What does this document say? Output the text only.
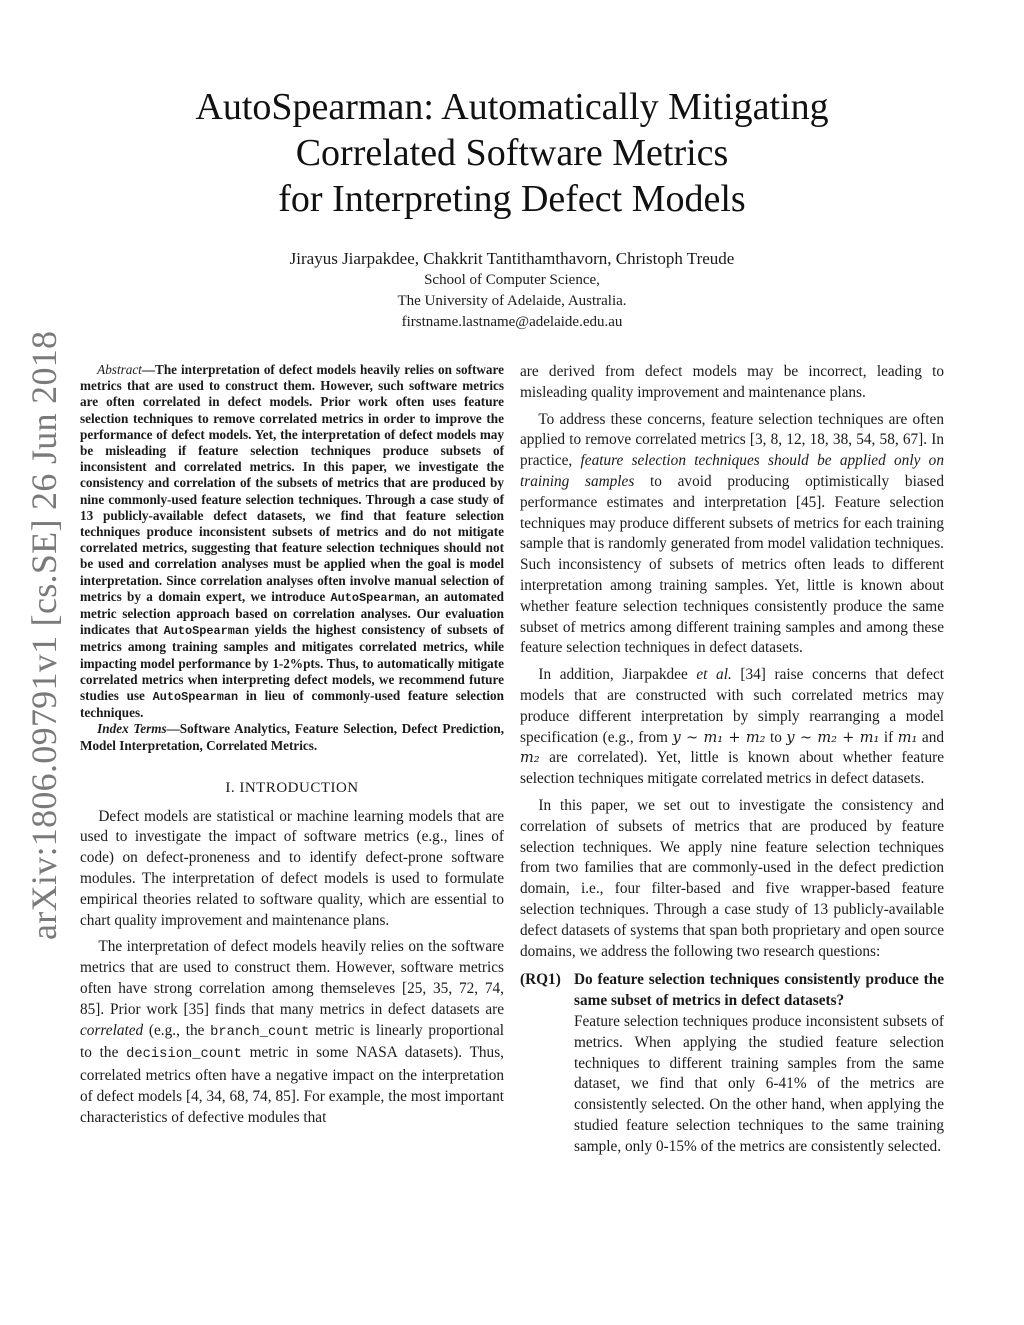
arXiv:1806.09791v1 [cs.SE] 26 Jun 2018
AutoSpearman: Automatically Mitigating
Correlated Software Metrics
for Interpreting Defect Models
Jirayus Jiarpakdee, Chakkrit Tantithamthavorn, Christoph Treude
School of Computer Science,
The University of Adelaide, Australia.
firstname.lastname@adelaide.edu.au

Abstract — The interpretation of defect models heavily relies on software metrics that are used to construct them. However, such software metrics are often correlated in defect models. Prior work often uses feature selection techniques to remove correlated metrics in order to improve the performance of defect models. Yet, the interpretation of defect models may be misleading if feature selection techniques produce subsets of inconsistent and correlated metrics. In this paper, we investigate the consistency and correlation of the subsets of metrics that are produced by nine commonly-used feature selection techniques. Through a case study of 13 publicly-available defect datasets, we find that feature selection techniques produce inconsistent subsets of metrics and do not mitigate correlated metrics, suggesting that feature selection techniques should not be used and correlation analyses must be applied when the goal is model interpretation. Since correlation analyses often involve manual selection of metrics by a domain expert, we introduce AutoSpearman, an automated metric selection approach based on correlation analyses. Our evaluation indicates that AutoSpearman yields the highest consistency of subsets of metrics among training samples and mitigates correlated metrics, while impacting model performance by 1-2%pts. Thus, to automatically mitigate correlated metrics when interpreting defect models, we recommend future studies use AutoSpearman in lieu of commonly-used feature selection techniques.

Index Terms — Software Analytics, Feature Selection, Defect Prediction, Model Interpretation, Correlated Metrics.

I. INTRODUCTION

Defect models are statistical or machine learning models that are used to investigate the impact of software metrics (e.g., lines of code) on defect-proneness and to identify defect-prone software modules. The interpretation of defect models is used to formulate empirical theories related to software quality, which are essential to chart quality improvement and maintenance plans.

The interpretation of defect models heavily relies on the software metrics that are used to construct them. However, software metrics often have strong correlation among themseleves [25, 35, 72, 74, 85]. Prior work [35] finds that many metrics in defect datasets are correlated (e.g., the branch_count metric is linearly proportional to the decision_count metric in some NASA datasets). Thus, correlated metrics often have a negative impact on the interpretation of defect models [4, 34, 68, 74, 85]. For example, the most important characteristics of defective modules that

are derived from defect models may be incorrect, leading to misleading quality improvement and maintenance plans.

To address these concerns, feature selection techniques are often applied to remove correlated metrics [3, 8, 12, 18, 38, 54, 58, 67]. In practice, feature selection techniques should be applied only on training samples to avoid producing optimistically biased performance estimates and interpretation [45]. Feature selection techniques may produce different subsets of metrics for each training sample that is randomly generated from model validation techniques. Such inconsistency of subsets of metrics often leads to different interpretation among training samples. Yet, little is known about whether feature selection techniques consistently produce the same subset of metrics among different training samples and among these feature selection techniques in defect datasets.

In addition, Jiarpakdee et al. [34] raise concerns that defect models that are constructed with such correlated metrics may produce different interpretation by simply rearranging a model specification (e.g., from y ∼ m₁ + m₂ to y ∼ m₂ + m₁ if m₁ and m₂ are correlated). Yet, little is known about whether feature selection techniques mitigate correlated metrics in defect datasets.

In this paper, we set out to investigate the consistency and correlation of subsets of metrics that are produced by feature selection techniques. We apply nine feature selection techniques from two families that are commonly-used in the defect prediction domain, i.e., four filter-based and five wrapper-based feature selection techniques. Through a case study of 13 publicly-available defect datasets of systems that span both proprietary and open source domains, we address the following two research questions:

(RQ1) Do feature selection techniques consistently produce the same subset of metrics in defect datasets?
Feature selection techniques produce inconsistent subsets of metrics. When applying the studied feature selection techniques to different training samples from the same dataset, we find that only 6-41% of the metrics are consistently selected. On the other hand, when applying the studied feature selection techniques to the same training sample, only 0-15% of the metrics are consistently selected.
